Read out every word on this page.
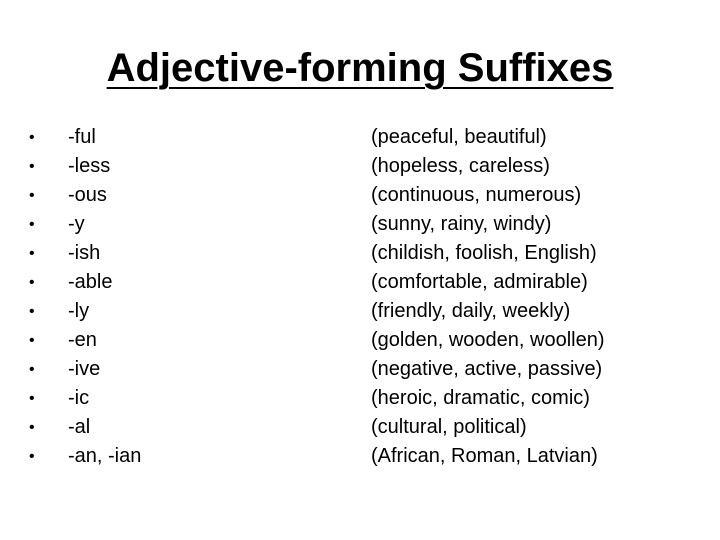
Adjective-forming Suffixes
• -ful	(peaceful, beautiful)
• -less	(hopeless, careless)
• -ous	(continuous, numerous)
• -y	(sunny, rainy, windy)
• -ish	(childish, foolish, English)
• -able	(comfortable, admirable)
• -ly	(friendly, daily, weekly)
• -en	(golden, wooden, woollen)
• -ive	(negative, active, passive)
• -ic	(heroic, dramatic, comic)
• -al	(cultural, political)
• -an, -ian	(African, Roman, Latvian)
